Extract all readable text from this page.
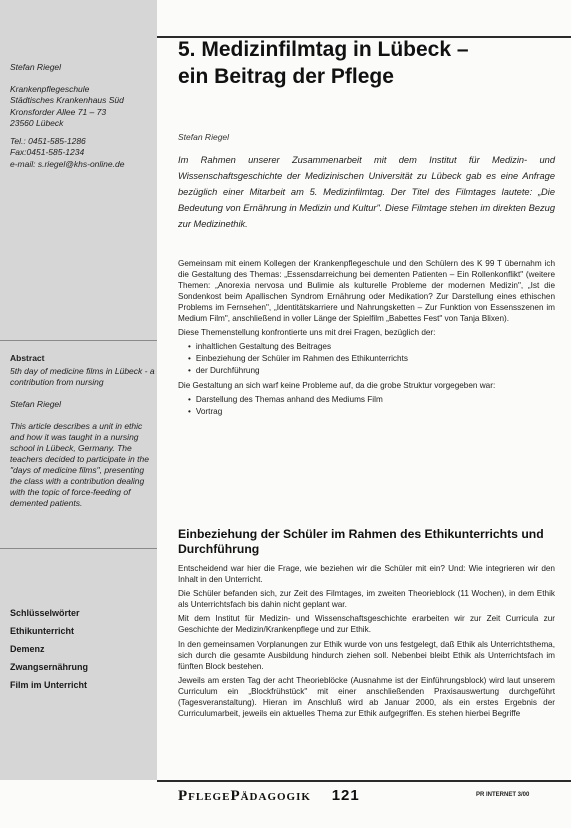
Stefan Riegel
Krankenpflegeschule
Städtisches Krankenhaus Süd
Kronsforder Allee 71 – 73
23560 Lübeck
Tel.: 0451-585-1286
Fax:0451-585-1234
e-mail: s.riegel@khs-online.de
Abstract
5th day of medicine films in Lübeck - a contribution from nursing
Stefan Riegel
This article describes a unit in ethic and how it was taught in a nursing school in Lübeck, Germany. The teachers decided to participate in the "days of medicine films", presenting the class with a contribution dealing with the topic of force-feeding of demented patients.
Schlüsselwörter
Ethikunterricht
Demenz
Zwangsernährung
Film im Unterricht
5. Medizinfilmtag in Lübeck –
ein Beitrag der Pflege
Stefan Riegel
Im Rahmen unserer Zusammenarbeit mit dem Institut für Medizin- und Wissenschaftsgeschichte der Medizinischen Universität zu Lübeck gab es eine Anfrage bezüglich einer Mitarbeit am 5. Medizinfilmtag. Der Titel des Filmtages lautete: „Die Bedeutung von Ernährung in Medizin und Kultur". Diese Filmtage stehen im direkten Bezug zur Medizinethik.

Gemeinsam mit einem Kollegen der Krankenpflegeschule und den Schülern des K 99 T übernahm ich die Gestaltung des Themas: „Essensdarreichung bei dementen Patienten – Ein Rollenkonflikt" (weitere Themen: „Anorexia nervosa und Bulimie als kulturelle Probleme der modernen Medizin", „Ist die Sondenkost beim Apallischen Syndrom Ernährung oder Medikation? Zur Darstellung eines ethischen Problems im Fernsehen", „Identitätskarriere und Nahrungsketten – Zur Funktion von Essensszenen im Medium Film", anschließend in voller Länge der Spielfilm „Babettes Fest" von Tanja Blixen).

Diese Themenstellung konfrontierte uns mit drei Fragen, bezüglich der:

• inhaltlichen Gestaltung des Beitrages
• Einbeziehung der Schüler im Rahmen des Ethikunterrichts
• der Durchführung

Die Gestaltung an sich warf keine Probleme auf, da die grobe Struktur vorgegeben war:

• Darstellung des Themas anhand des Mediums Film
• Vortrag
Einbeziehung der Schüler im Rahmen des Ethikunterrichts und Durchführung

Entscheidend war hier die Frage, wie beziehen wir die Schüler mit ein? Und: Wie integrieren wir den Inhalt in den Unterricht.

Die Schüler befanden sich, zur Zeit des Filmtages, im zweiten Theorieblock (11 Wochen), in dem Ethik als Unterrichtsfach bis dahin nicht geplant war.

Mit dem Institut für Medizin- und Wissenschaftsgeschichte erarbeiten wir zur Zeit Curricula zur Geschichte der Medizin/Krankenpflege und zur Ethik.

In den gemeinsamen Vorplanungen zur Ethik wurde von uns festgelegt, daß Ethik als Unterrichtsthema, sich durch die gesamte Ausbildung hindurch ziehen soll. Nebenbei bleibt Ethik als Unterrichtsfach im fünften Block bestehen.

Jeweils am ersten Tag der acht Theorieblöcke (Ausnahme ist der Einführungsblock) wird laut unserem Curriculum ein „Blockfrühstück" mit einer anschließenden Praxisauswertung durchgeführt (Tagesveranstaltung). Hieran im Anschluß wird ab Januar 2000, als ein erstes Ergebnis der Curriculumarbeit, jeweils ein aktuelles Thema zur Ethik aufgegriffen. Es stehen hierbei Begriffe

PflegePädagogik 121	PR INTERNET 3/00
